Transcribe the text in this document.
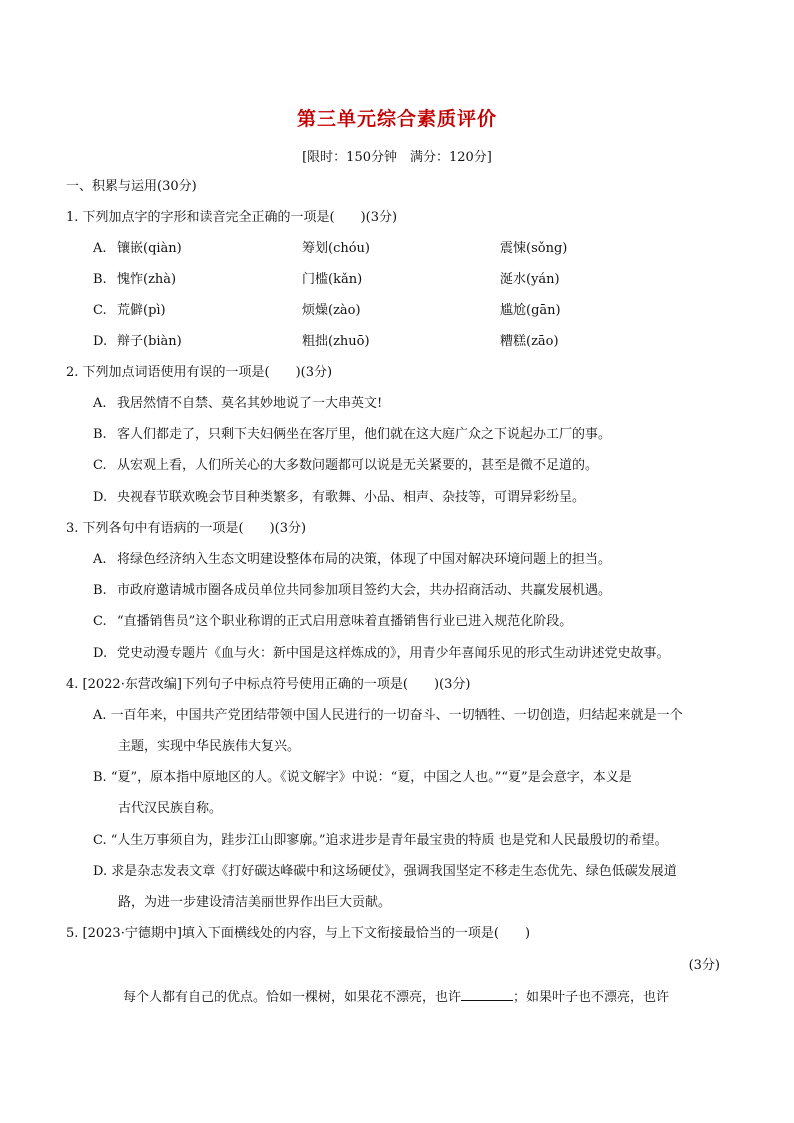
第三单元综合素质评价
[限时：150分钟　满分：120分]
一、积累与运用(30分)
1. 下列加点字的字形和读音完全正确的一项是(　　)(3分)
A. 镶嵌(qiàn)	筹划(chóu)	震悚(sǒng)
B. 愧怍(zhà)	门槛(kǎn)	涎水(yán)
C. 荒僻(pì)	烦燥(zào)	尴尬(gān)
D. 辩子(biàn)	粗拙(zhuō)	糟糕(zāo)
2. 下列加点词语使用有误的一项是(　　)(3分)
A. 我居然情不自禁、莫名其妙地说了一大串英文!
B. 客人们都走了，只剩下夫妇俩坐在客厅里，他们就在这大庭广众之下说起办工厂的事。
C. 从宏观上看，人们所关心的大多数问题都可以说是无关紧要的，甚至是微不足道的。
D. 央视春节联欢晚会节目种类繁多，有歌舞、小品、相声、杂技等，可谓异彩纷呈。
3. 下列各句中有语病的一项是(　　)(3分)
A. 将绿色经济纳入生态文明建设整体布局的决策，体现了中国对解决环境问题上的担当。
B. 市政府邀请城市圈各成员单位共同参加项目签约大会，共办招商活动、共赢发展机遇。
C. “直播销售员”这个职业称谓的正式启用意味着直播销售行业已进入规范化阶段。
D. 党史动漫专题片《血与火：新中国是这样炼成的》，用青少年喜闻乐见的形式生动讲述党史故事。
4. [2022·东营改编]下列句子中标点符号使用正确的一项是(　　)(3分)
A. 一百年来，中国共产党团结带领中国人民进行的一切奋斗、一切牺牲、一切创造，归结起来就是一个
主题，实现中华民族伟大复兴。
B. “夏”，原本指中原地区的人。《说文解字》中说：“夏，中国之人也。”“夏”是会意字，本义是
古代汉民族自称。
C. “人生万事须自为，跬步江山即寥廓。”追求进步是青年最宝贵的特质 也是党和人民最殷切的希望。
D. 求是杂志发表文章《打好碳达峰碳中和这场硬仗》，强调我国坚定不移走生态优先、绿色低碳发展道
路，为进一步建设清洁美丽世界作出巨大贡献。
5. [2023·宁德期中]填入下面横线处的内容，与上下文衔接最恰当的一项是(　　)
(3分)
每个人都有自己的优点。恰如一棵树，如果花不漂亮，也许	；如果叶子也不漂亮，也许
